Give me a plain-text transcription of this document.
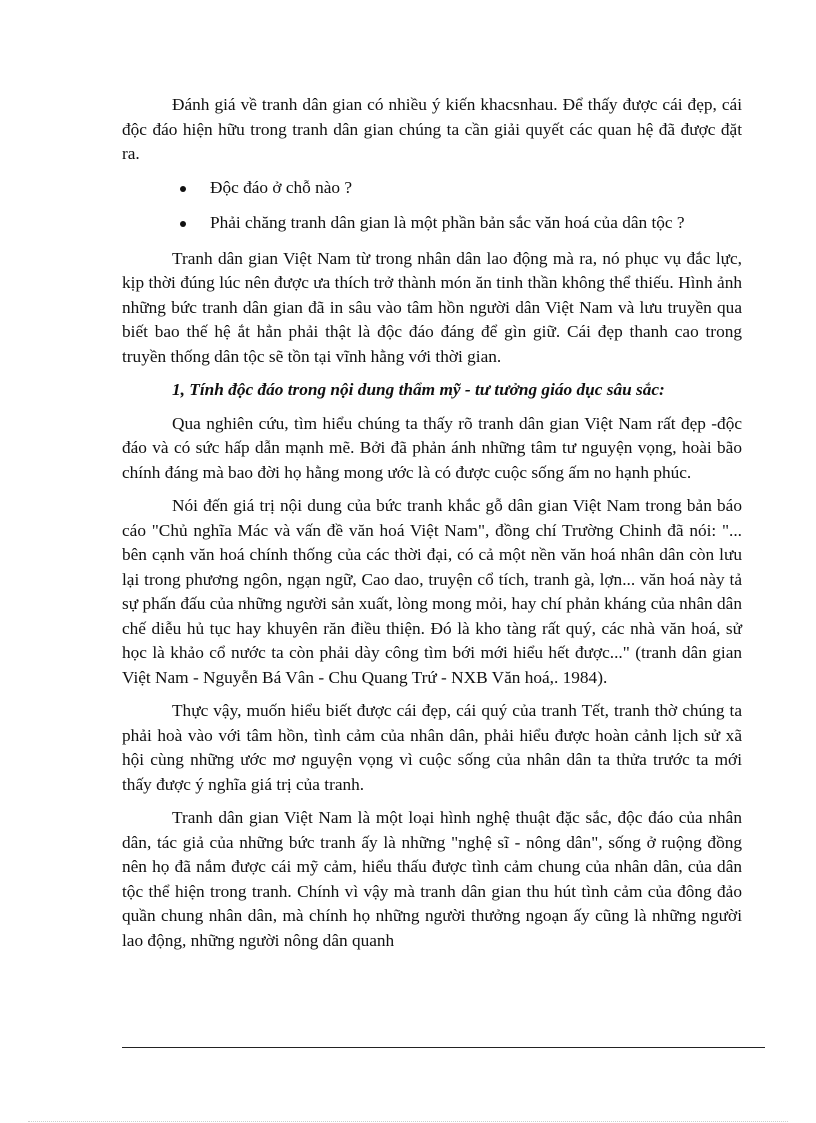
Đánh giá về tranh dân gian có nhiều ý kiến khacsnhau. Để thấy được cái đẹp, cái độc đáo hiện hữu trong tranh dân gian chúng ta cần giải quyết các quan hệ đã được đặt ra.

Độc đáo ở chỗ nào ?
Phải chăng tranh dân gian là một phần bản sắc văn hoá của dân tộc ?

Tranh dân gian Việt Nam từ trong nhân dân lao động mà ra, nó phục vụ đắc lực, kịp thời đúng lúc nên được ưa thích trở thành món ăn tinh thần không thể thiếu. Hình ảnh những bức tranh dân gian đã in sâu vào tâm hồn người dân Việt Nam và lưu truyền qua biết bao thế hệ ắt hẳn phải thật là độc đáo đáng để gìn giữ. Cái đẹp thanh cao trong truyền thống dân tộc sẽ tồn tại vĩnh hằng với thời gian.

1, Tính độc đáo trong nội dung thẩm mỹ - tư tưởng giáo dục sâu sắc:

Qua nghiên cứu, tìm hiểu chúng ta thấy rõ tranh dân gian Việt Nam rất đẹp -độc đáo và có sức hấp dẫn mạnh mẽ. Bởi đã phản ánh những tâm tư nguyện vọng, hoài bão chính đáng mà bao đời họ hằng mong ước là có được cuộc sống ấm no hạnh phúc.

Nói đến giá trị nội dung của bức tranh khắc gỗ dân gian Việt Nam trong bản báo cáo "Chủ nghĩa Mác và vấn đề văn hoá Việt Nam", đồng chí Trường Chinh đã nói: "... bên cạnh văn hoá chính thống của các thời đại, có cả một nền văn hoá nhân dân còn lưu lại trong phương ngôn, ngạn ngữ, Cao dao, truyện cổ tích, tranh gà, lợn... văn hoá này tả sự phấn đấu của những người sản xuất, lòng mong mỏi, hay chí phản kháng của nhân dân chế diễu hủ tục hay khuyên răn điều thiện. Đó là kho tàng rất quý, các nhà văn hoá, sử học là khảo cổ nước ta còn phải dày công tìm bới mới hiểu hết được..." (tranh dân gian Việt Nam - Nguyễn Bá Vân - Chu Quang Trứ - NXB Văn hoá,. 1984).

Thực vậy, muốn hiểu biết được cái đẹp, cái quý của tranh Tết, tranh thờ chúng ta phải hoà vào với tâm hồn, tình cảm của nhân dân, phải hiểu được hoàn cảnh lịch sử xã hội cùng những ước mơ nguyện vọng vì cuộc sống của nhân dân ta thửa trước ta mới thấy được ý nghĩa giá trị của tranh.

Tranh dân gian Việt Nam là một loại hình nghệ thuật đặc sắc, độc đáo của nhân dân, tác giả của những bức tranh ấy là những "nghệ sĩ - nông dân", sống ở ruộng đồng nên họ đã nắm được cái mỹ cảm, hiểu thấu được tình cảm chung của nhân dân, của dân tộc thể hiện trong tranh. Chính vì vậy mà tranh dân gian thu hút tình cảm của đông đảo quần chung nhân dân, mà chính họ những người thưởng ngoạn ấy cũng là những người lao động, những người nông dân quanh
